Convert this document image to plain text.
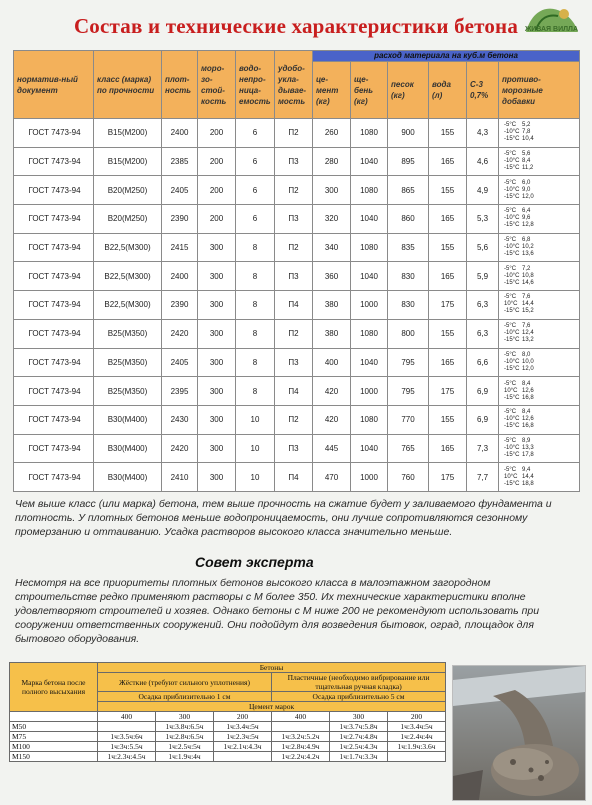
Состав и технические характеристики бетона ЖИВАЯ ВИЛЛА
норматив-ный документ	класс (марка) по прочности	плот-ность	моро-зо-стой-кость	водо-непро-ница-емость	удобо-укла-дывае-мость	расход материала на куб.м бетона					
						це-мент (кг)	ще-бень (кг)	песок (кг)	вода (л)	С-3 0,7%	противо-морозные добавки
ГОСТ 7473-94	В15(М200)	2400	200	6	П2	260	1080	900	155	4,3	-5°С 5,2
-10°С 7,8
-15°С 10,4

ГОСТ 7473-94	В15(М200)	2385	200	6	П3	280	1040	895	165	4,6	-5°С 5,6
-10°С 8,4
-15°С 11,2

ГОСТ 7473-94	В20(М250)	2405	200	6	П2	300	1080	865	155	4,9	-5°С 6,0
-10°С 9,0
-15°С 12,0

ГОСТ 7473-94	В20(М250)	2390	200	6	П3	320	1040	860	165	5,3	-5°С 6,4
-10°С 9,6
-15°С 12,8

ГОСТ 7473-94	В22,5(М300)	2415	300	8	П2	340	1080	835	155	5,6	-5°С 6,8
-10°С 10,2
-15°С 13,6

ГОСТ 7473-94	В22,5(М300)	2400	300	8	П3	360	1040	830	165	5,9	-5°С 7,2
-10°С 10,8
-15°С 14,6

ГОСТ 7473-94	В22,5(М300)	2390	300	8	П4	380	1000	830	175	6,3	-5°С 7,6
10°С 14,4
-15°С 15,2

ГОСТ 7473-94	В25(М350)	2420	300	8	П2	380	1080	800	155	6,3	-5°С 7,6
-10°С 12,4
-15°С 13,2

ГОСТ 7473-94	В25(М350)	2405	300	8	П3	400	1040	795	165	6,6	-5°С 8,0
-10°С 10,0
-15°С 12,0

ГОСТ 7473-94	В25(М350)	2395	300	8	П4	420	1000	795	175	6,9	-5°С 8,4
10°С 12,6
-15°С 16,8

ГОСТ 7473-94	В30(М400)	2430	300	10	П2	420	1080	770	155	6,9	-5°С 8,4
-10°С 12,6
-15°С 16,8

ГОСТ 7473-94	В30(М400)	2420	300	10	П3	445	1040	765	165	7,3	-5°С 8,9
-10°С 13,3
-15°С 17,8

ГОСТ 7473-94	В30(М400)	2410	300	10	П4	470	1000	760	175	7,7	-5°С 9,4
10°С 14,4
-15°С 18,8
Чем выше класс (или марка) бетона, тем выше прочность на сжатие будет у заливаемого фундамента и плотность. У плотных бетонов меньше водопроницаемость, они лучше сопротивляются сезонному промерзанию и оттаиванию. Усадка растворов высокого класса значительно меньше.
Совет эксперта
Несмотря на все приоритеты плотных бетонов высокого класса в малоэтажном загородном строительстве редко применяют растворы с М более 350. Их технические характеристики вполне удовлетворяют строителей и хозяев. Однако бетоны с М ниже 200 не рекомендуют использовать при сооружении ответственных сооружений. Они подойдут для возведения бытовок, оград, площадок для бытового оборудования.
Марка бетона после полного высыхания	Бетоны					
	Жёсткие (требуют сильного уплотнения)			Пластичные (необходимо вибрирование или тщательная ручная кладка)		
	Осадка приблизительно 1 см			Осадка приблизительно 5 см		
	Цемент марок					
	400	300	200	400	300	200
М50		1ч:3.8ч:6.5ч	1ч:3.4ч:5ч		1ч:3.7ч:5.8ч	1ч:3.4ч:5ч
М75	1ч:3.5ч:6ч	1ч:2.8ч:6.5ч	1ч:2.3ч:5ч	1ч:3.2ч:5.2ч	1ч:2.7ч:4.8ч	1ч:2.4ч:4ч
М100	1ч:3ч:5.5ч	1ч:2.5ч:5ч	1ч:2.1ч:4.3ч	1ч:2.8ч:4.9ч	1ч:2.5ч:4.3ч	1ч:1.9ч:3.6ч
М150	1ч:2.3ч:4.5ч	1ч:1.9ч:4ч		1ч:2.2ч:4.2ч	1ч:1.7ч:3.3ч	
